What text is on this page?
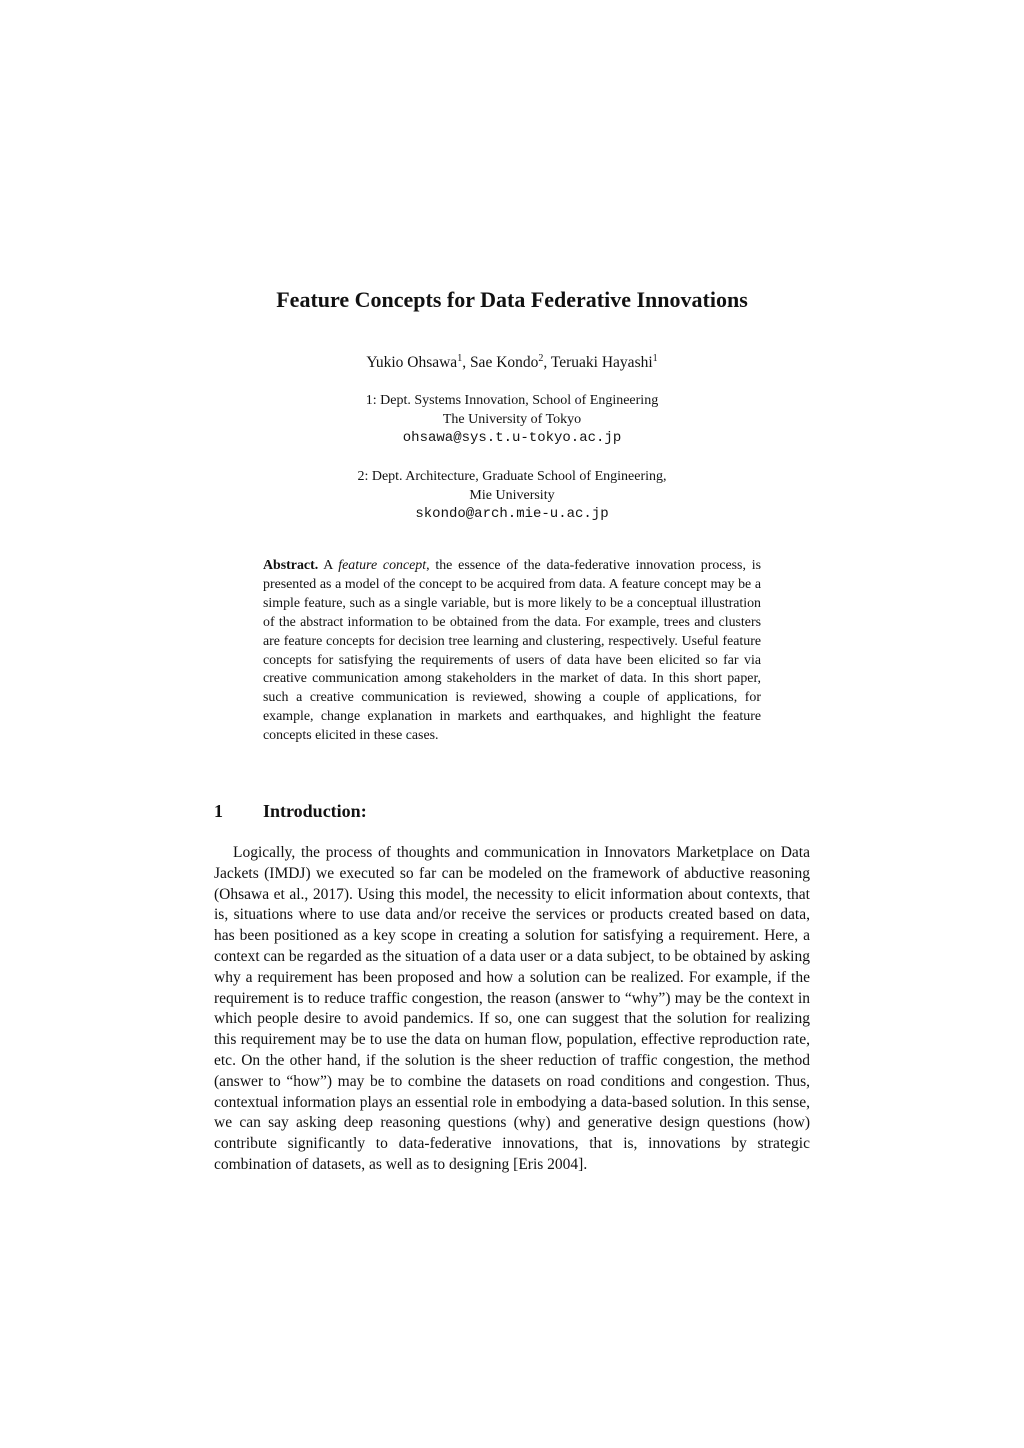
Feature Concepts for Data Federative Innovations
Yukio Ohsawa$^1$, Sae Kondo$^2$, Teruaki Hayashi$^1$
1: Dept. Systems Innovation, School of Engineering
The University of Tokyo
ohsawa@sys.t.u-tokyo.ac.jp
2: Dept. Architecture, Graduate School of Engineering,
Mie University
skondo@arch.mie-u.ac.jp

Abstract. A feature concept, the essence of the data-federative innovation process, is presented as a model of the concept to be acquired from data. A feature concept may be a simple feature, such as a single variable, but is more likely to be a conceptual illustration of the abstract information to be obtained from the data. For example, trees and clusters are feature concepts for decision tree learning and clustering, respectively. Useful feature concepts for satisfying the requirements of users of data have been elicited so far via creative communication among stakeholders in the market of data. In this short paper, such a creative communication is reviewed, showing a couple of applications, for example, change explanation in markets and earthquakes, and highlight the feature concepts elicited in these cases.

1 Introduction:

Logically, the process of thoughts and communication in Innovators Marketplace on Data Jackets (IMDJ) we executed so far can be modeled on the framework of abductive reasoning (Ohsawa et al., 2017). Using this model, the necessity to elicit information about contexts, that is, situations where to use data and/or receive the services or products created based on data, has been positioned as a key scope in creating a solution for satisfying a requirement. Here, a context can be regarded as the situation of a data user or a data subject, to be obtained by asking why a requirement has been proposed and how a solution can be realized. For example, if the requirement is to reduce traffic congestion, the reason (answer to “why”) may be the context in which people desire to avoid pandemics. If so, one can suggest that the solution for realizing this requirement may be to use the data on human flow, population, effective reproduction rate, etc. On the other hand, if the solution is the sheer reduction of traffic congestion, the method (answer to “how”) may be to combine the datasets on road conditions and congestion. Thus, contextual information plays an essential role in embodying a data-based solution. In this sense, we can say asking deep reasoning questions (why) and generative design questions (how) contribute significantly to data-federative innovations, that is, innovations by strategic combination of datasets, as well as to designing [Eris 2004].
